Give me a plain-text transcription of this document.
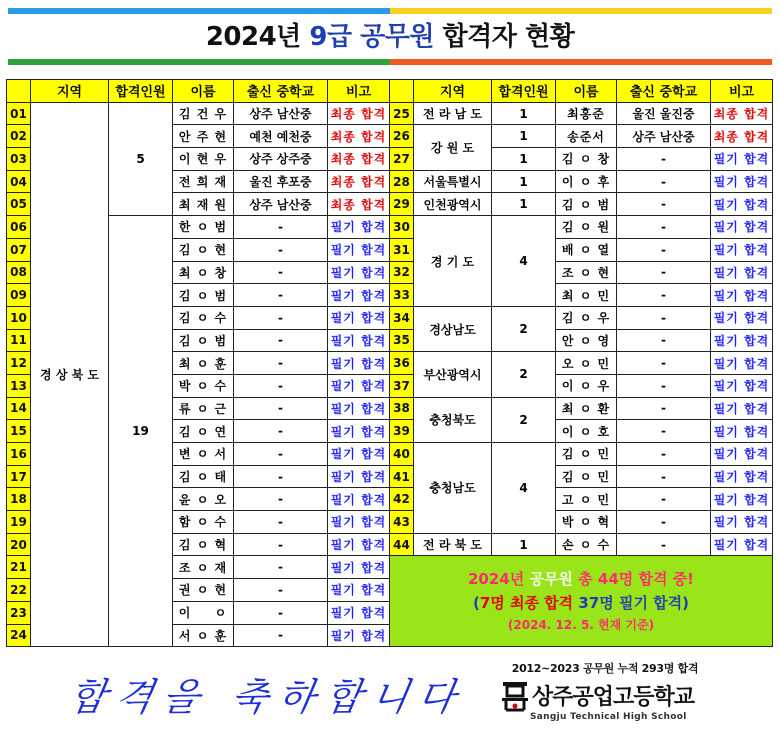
2024년 9급 공무원 합격자 현황
	지역	합격인원	이름	출신 중학교	비고		지역	합격인원	이름	출신 중학교	비고
01	경 상 북 도	5	김 건 우	상주 남산중	최종 합격	25	전 라 남 도	1	최홍준	울진 울진중	최종 합격
02			안 주 현	예천 예천중	최종 합격	26	강 원 도	1	송준서	상주 남산중	최종 합격
03			이 현 우	상주 상주중	최종 합격	27		1	김 ㅇ 창	-	필기 합격
04			전 희 재	울진 후포중	최종 합격	28	서울특별시	1	이 ㅇ 후	-	필기 합격
05			최 재 원	상주 남산중	최종 합격	29	인천광역시	1	김 ㅇ 범	-	필기 합격
06		19	한 ㅇ 범	-	필기 합격	30	경 기 도	4	김 ㅇ 원	-	필기 합격
07			김 ㅇ 현	-	필기 합격	31			배 ㅇ 열	-	필기 합격
08			최 ㅇ 창	-	필기 합격	32			조 ㅇ 현	-	필기 합격
09			김 ㅇ 범	-	필기 합격	33			최 ㅇ 민	-	필기 합격
10			김 ㅇ 수	-	필기 합격	34	경상남도	2	김 ㅇ 우	-	필기 합격
11			김 ㅇ 범	-	필기 합격	35			안 ㅇ 영	-	필기 합격
12			최 ㅇ 훈	-	필기 합격	36	부산광역시	2	오 ㅇ 민	-	필기 합격
13			박 ㅇ 수	-	필기 합격	37			이 ㅇ 우	-	필기 합격
14			류 ㅇ 근	-	필기 합격	38	충청북도	2	최 ㅇ 환	-	필기 합격
15			김 ㅇ 연	-	필기 합격	39			이 ㅇ 호	-	필기 합격
16			변 ㅇ 서	-	필기 합격	40	충청남도	4	김 ㅇ 민	-	필기 합격
17			김 ㅇ 태	-	필기 합격	41			김 ㅇ 민	-	필기 합격
18			윤 ㅇ 오	-	필기 합격	42			고 ㅇ 민	-	필기 합격
19			함 ㅇ 수	-	필기 합격	43			박 ㅇ 혁	-	필기 합격
20			김 ㅇ 혁	-	필기 합격	44	전 라 북 도	1	손 ㅇ 수	-	필기 합격
21			조 ㅇ 재	-	필기 합격	2024년 공무원 총 44명 합격 중!
(7명 최종 합격 37명 필기 합격)
(2024. 12. 5. 현재 기준)					

22			권 ㅇ 현	-	필기 합격						
23			이 　 ㅇ	-	필기 합격						
24			서 ㅇ 훈	-	필기 합격						
합격을 축하합니다
2012~2023 공무원 누적 293명 합격
상주공업고등학교
Sangju Technical High School
